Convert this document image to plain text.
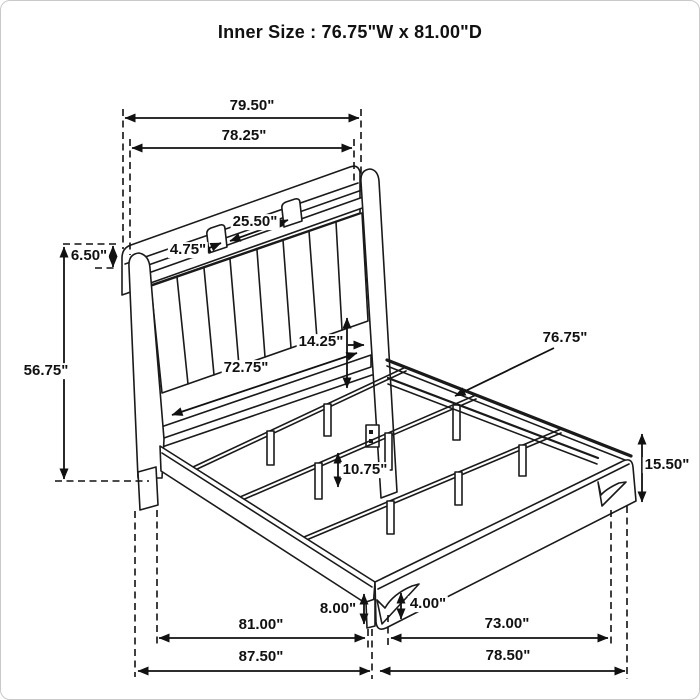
Inner Size : 76.75"W x 81.00"D
79.50"
78.25"
25.50"
4.75"
6.50"
56.75"
14.25"
72.75"
76.75"
10.75"	15.50"
8.00"	4.00"
81.00"	73.00"
87.50"	78.50"
